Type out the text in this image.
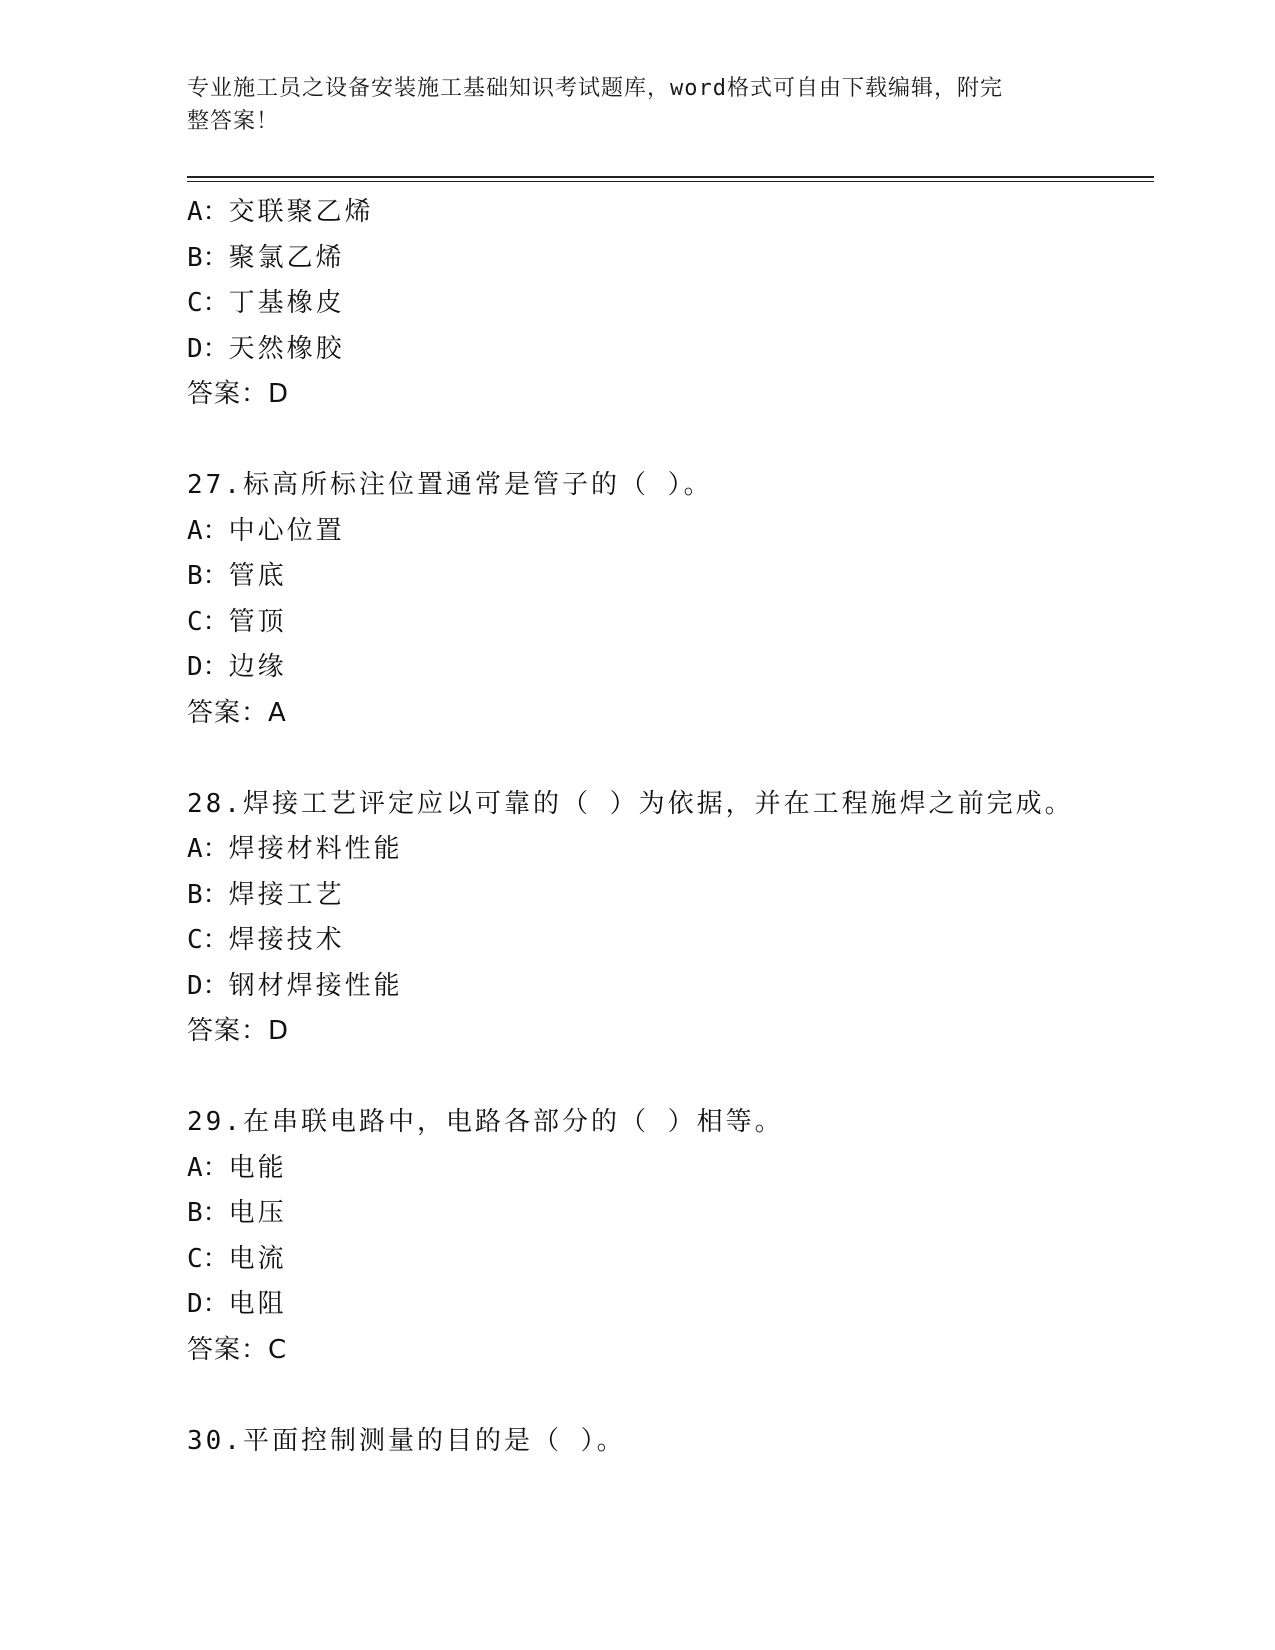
专业施工员之设备安装施工基础知识考试题库，word格式可自由下载编辑，附完
整答案！
A：交联聚乙烯
B：聚氯乙烯
C：丁基橡皮
D：天然橡胶
答案：D
27.标高所标注位置通常是管子的（ ）。
A：中心位置
B：管底
C：管顶
D：边缘
答案：A
28.焊接工艺评定应以可靠的（ ）为依据，并在工程施焊之前完成。
A：焊接材料性能
B：焊接工艺
C：焊接技术
D：钢材焊接性能
答案：D
29.在串联电路中，电路各部分的（ ）相等。
A：电能
B：电压
C：电流
D：电阻
答案：C
30.平面控制测量的目的是（ ）。
